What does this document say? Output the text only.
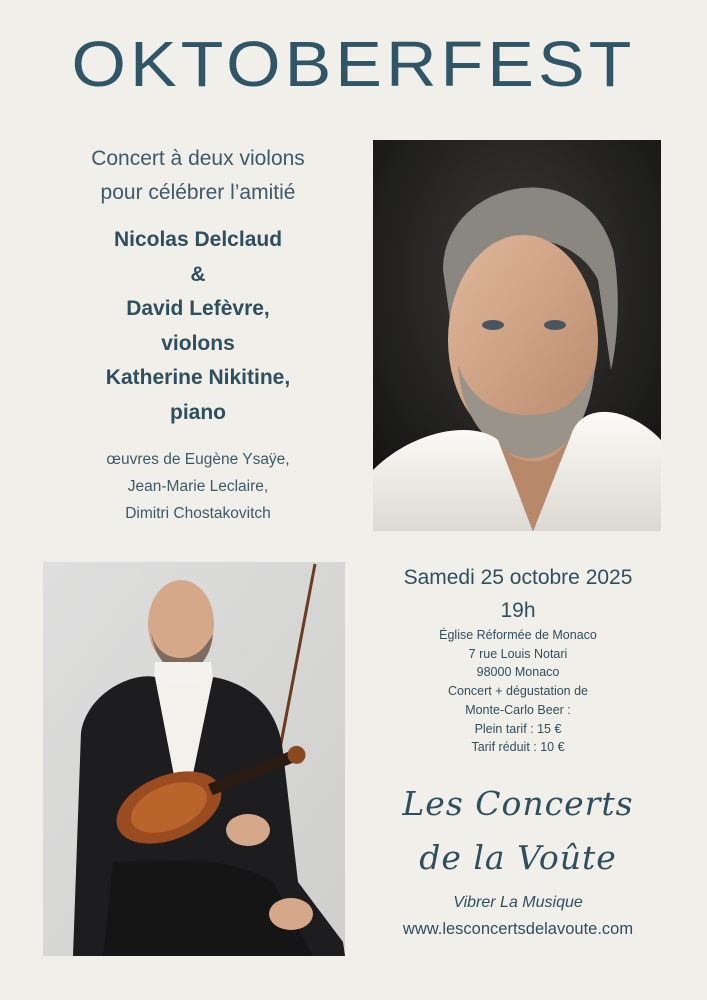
OKTOBERFEST
Concert à deux violons
pour célébrer l’amitié
Nicolas Delclaud
&
David Lefèvre,
violons
Katherine Nikitine,
piano
œuvres de Eugène Ysaÿe,
Jean-Marie Leclaire,
Dimitri Chostakovitch
Samedi 25 octobre 2025
19h
Église Réformée de Monaco
7 rue Louis Notari
98000 Monaco
Concert + dégustation de
Monte-Carlo Beer :
Plein tarif : 15 €
Tarif réduit : 10 €
Les Concerts
de la Voûte
Vibrer La Musique
www.lesconcertsdelavoute.com
